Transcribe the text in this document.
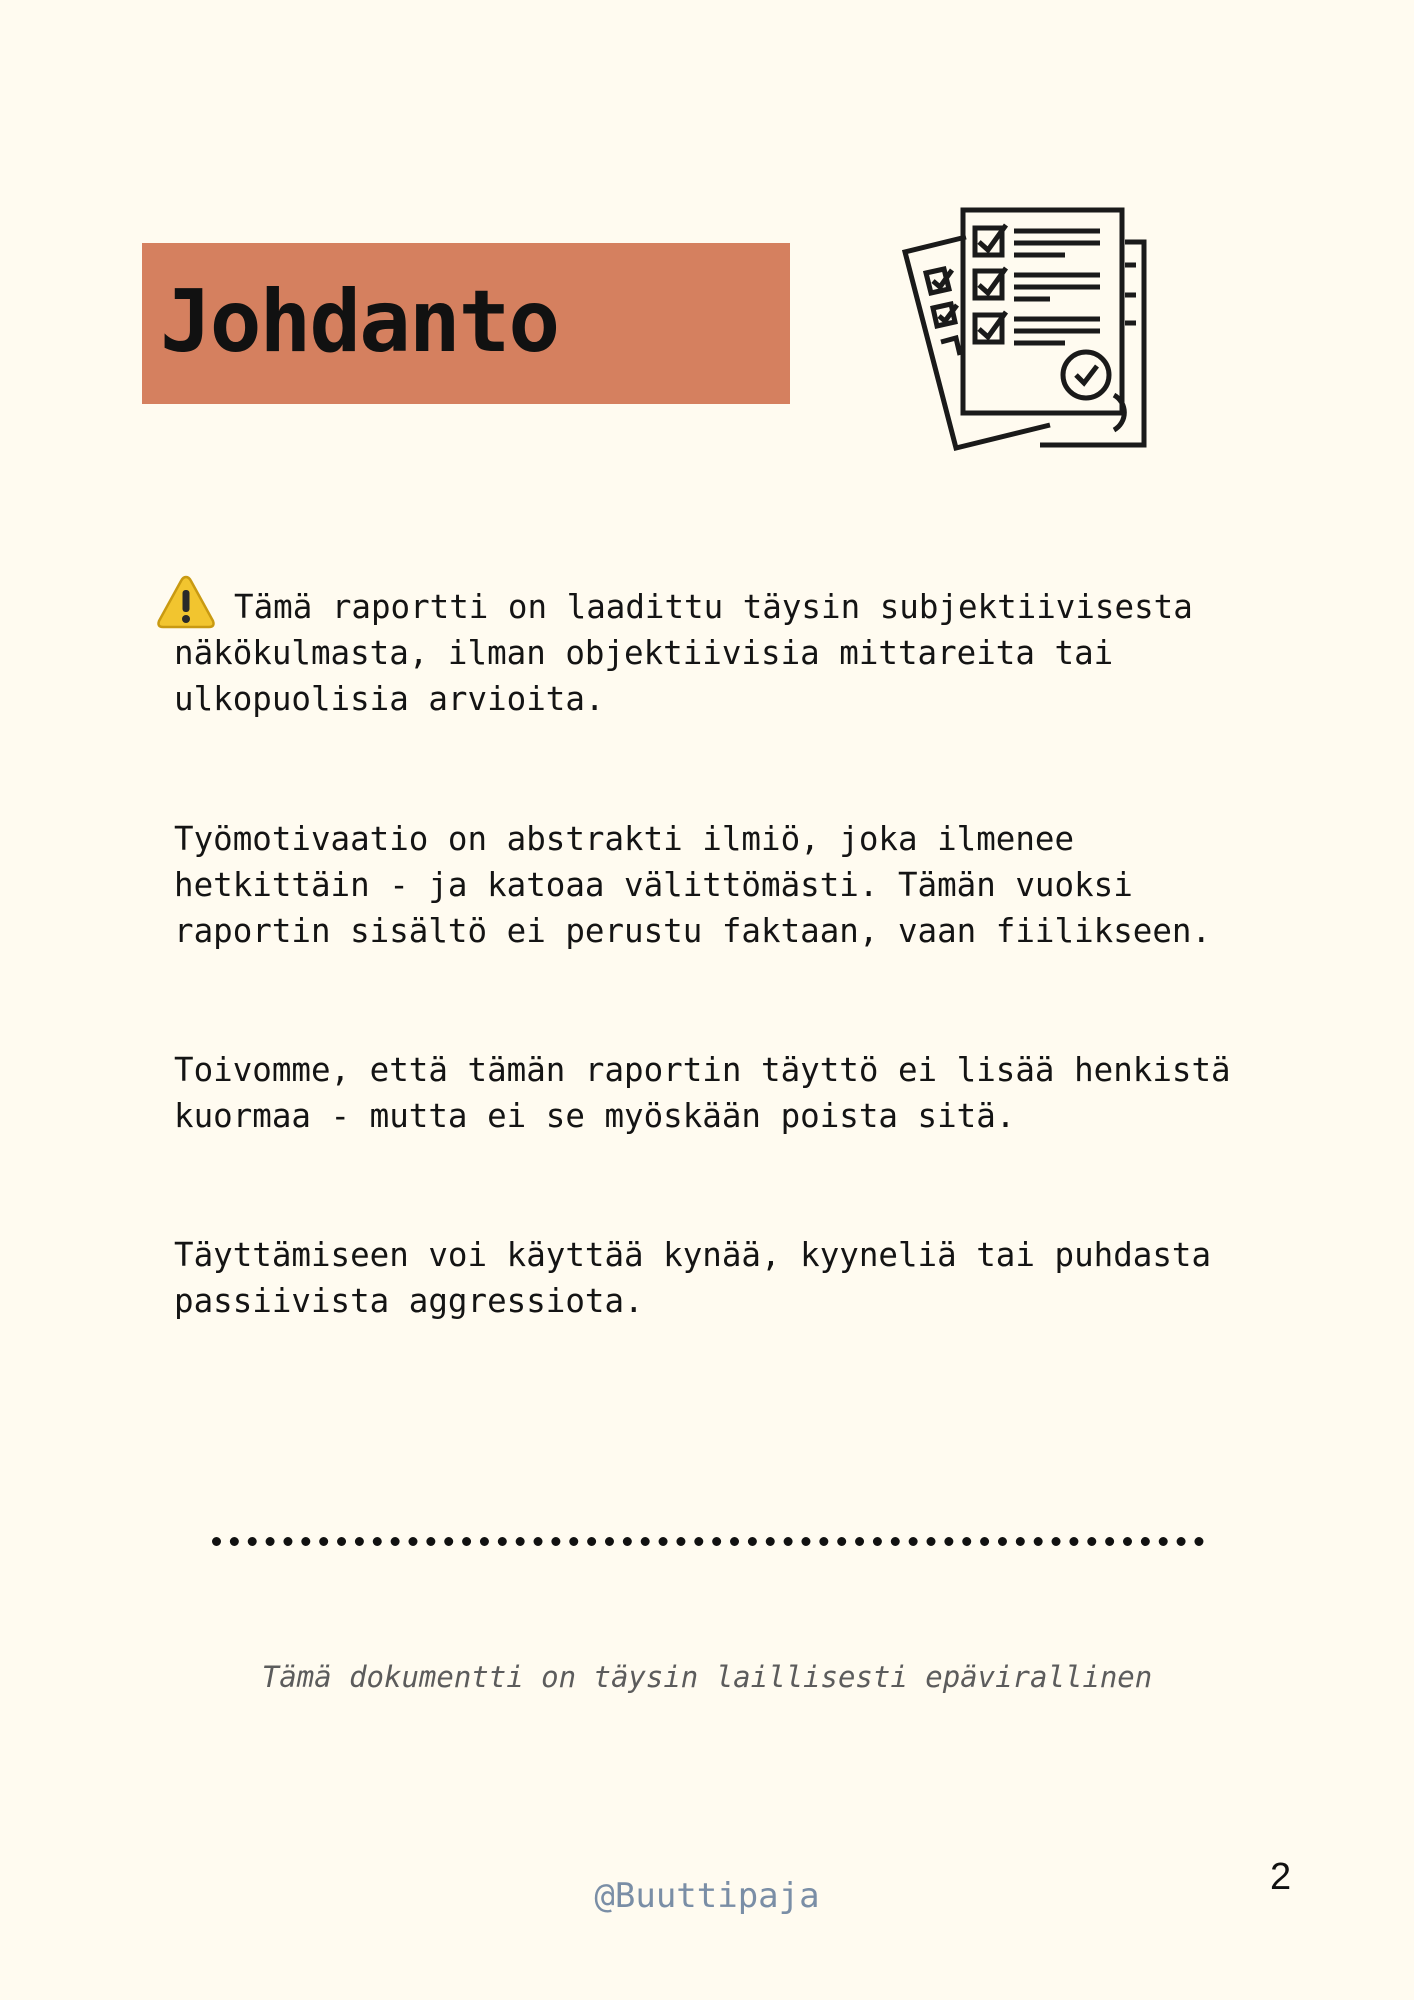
Johdanto

Tämä raportti on laadittu täysin subjektiivisesta
näkökulmasta, ilman objektiivisia mittareita tai
ulkopuolisia arvioita.

Työmotivaatio on abstrakti ilmiö, joka ilmenee
hetkittäin - ja katoaa välittömästi. Tämän vuoksi
raportin sisältö ei perustu faktaan, vaan fiilikseen.

Toivomme, että tämän raportin täyttö ei lisää henkistä
kuormaa - mutta ei se myöskään poista sitä.

Täyttämiseen voi käyttää kynää, kyyneliä tai puhdasta
passiivista aggressiota.

Tämä dokumentti on täysin laillisesti epävirallinen

@Buuttipaja	2
